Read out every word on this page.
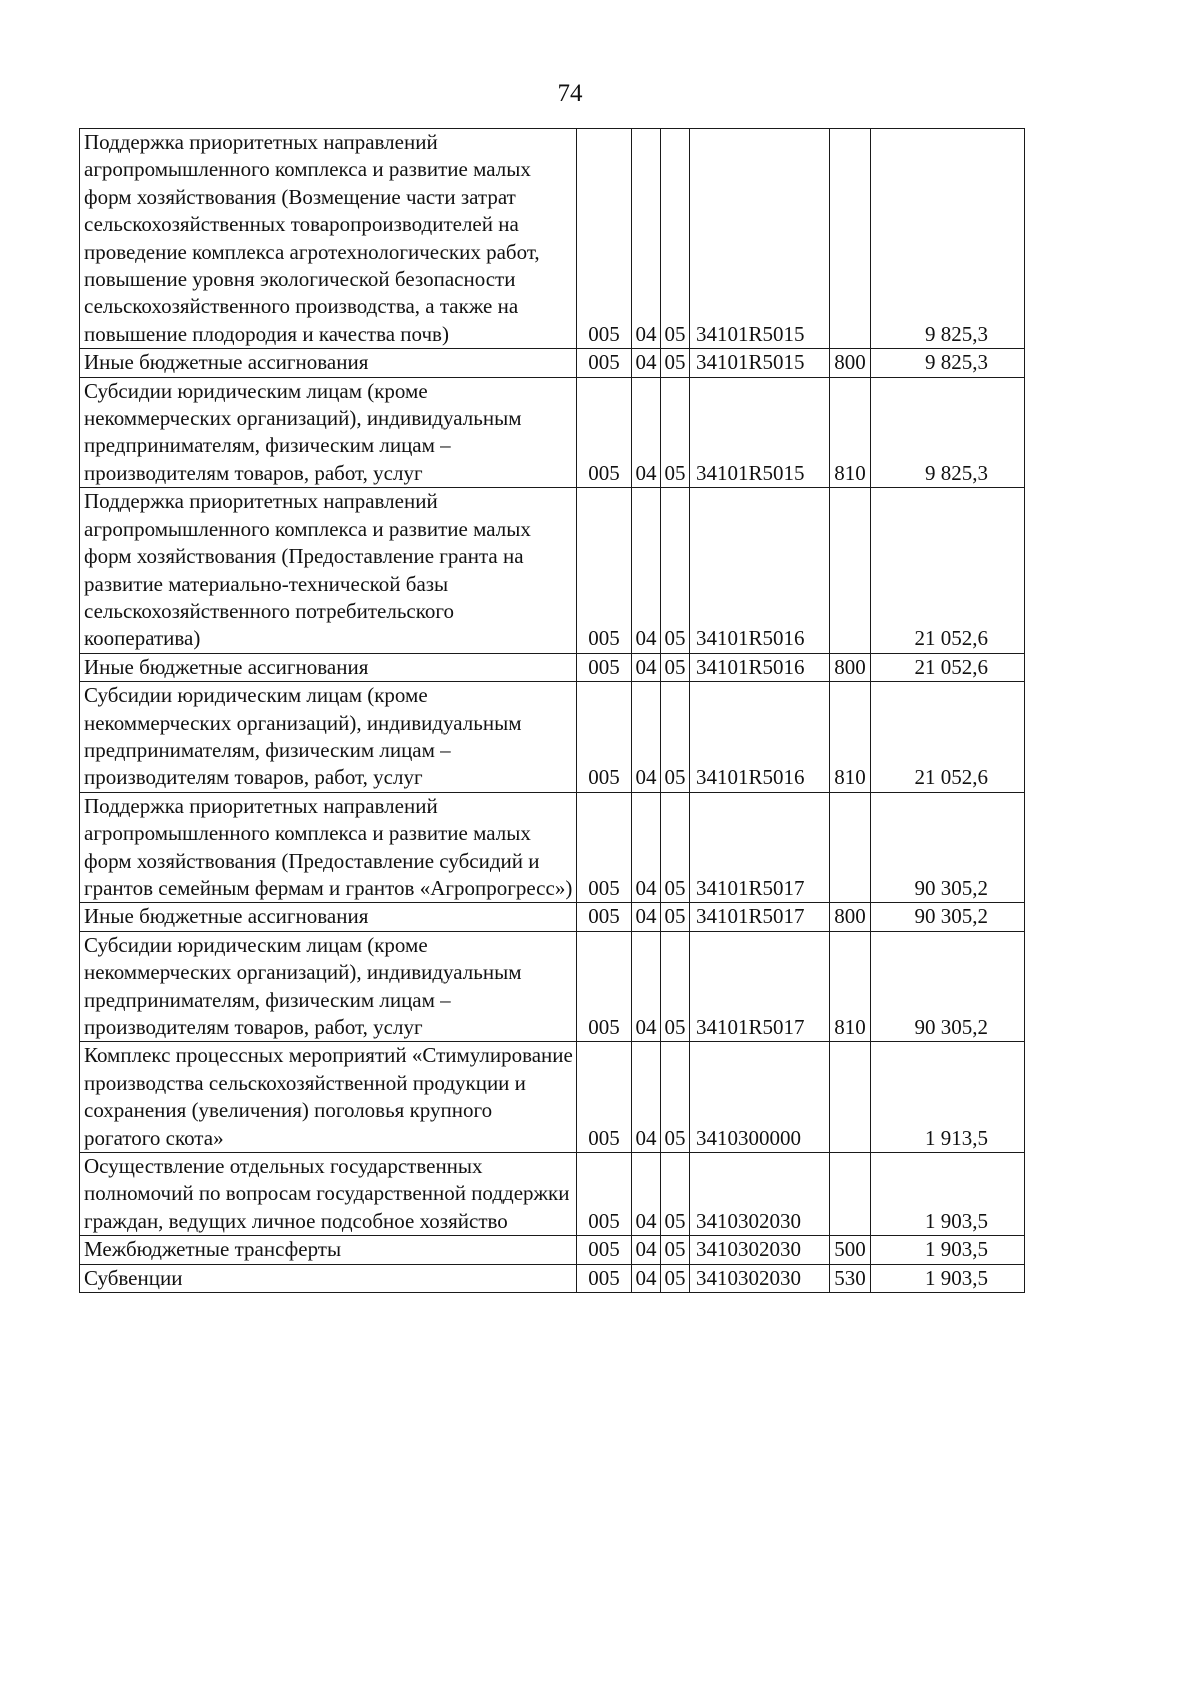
74
Поддержка приоритетных направлений агропромышленного комплекса и развитие малых форм хозяйствования (Возмещение части затрат сельскохозяйственных товаропроизводителей на проведение комплекса агротехнологических работ, повышение уровня экологической безопасности сельскохозяйственного производства, а также на повышение плодородия и качества почв)	005	04	05	34101R5015		9 825,3
Иные бюджетные ассигнования	005	04	05	34101R5015	800	9 825,3
Субсидии юридическим лицам (кроме некоммерческих организаций), индивидуальным предпринимателям, физическим лицам – производителям товаров, работ, услуг	005	04	05	34101R5015	810	9 825,3
Поддержка приоритетных направлений агропромышленного комплекса и развитие малых форм хозяйствования (Предоставление гранта на развитие материально-технической базы сельскохозяйственного потребительского кооператива)	005	04	05	34101R5016		21 052,6
Иные бюджетные ассигнования	005	04	05	34101R5016	800	21 052,6
Субсидии юридическим лицам (кроме некоммерческих организаций), индивидуальным предпринимателям, физическим лицам – производителям товаров, работ, услуг	005	04	05	34101R5016	810	21 052,6
Поддержка приоритетных направлений агропромышленного комплекса и развитие малых форм хозяйствования (Предоставление субсидий и грантов семейным фермам и грантов «Агропрогресс»)	005	04	05	34101R5017		90 305,2
Иные бюджетные ассигнования	005	04	05	34101R5017	800	90 305,2
Субсидии юридическим лицам (кроме некоммерческих организаций), индивидуальным предпринимателям, физическим лицам – производителям товаров, работ, услуг	005	04	05	34101R5017	810	90 305,2
Комплекс процессных мероприятий «Стимулирование производства сельскохозяйственной продукции и сохранения (увеличения) поголовья крупного рогатого скота»	005	04	05	3410300000		1 913,5
Осуществление отдельных государственных полномочий по вопросам государственной поддержки граждан, ведущих личное подсобное хозяйство	005	04	05	3410302030		1 903,5
Межбюджетные трансферты	005	04	05	3410302030	500	1 903,5
Субвенции	005	04	05	3410302030	530	1 903,5
